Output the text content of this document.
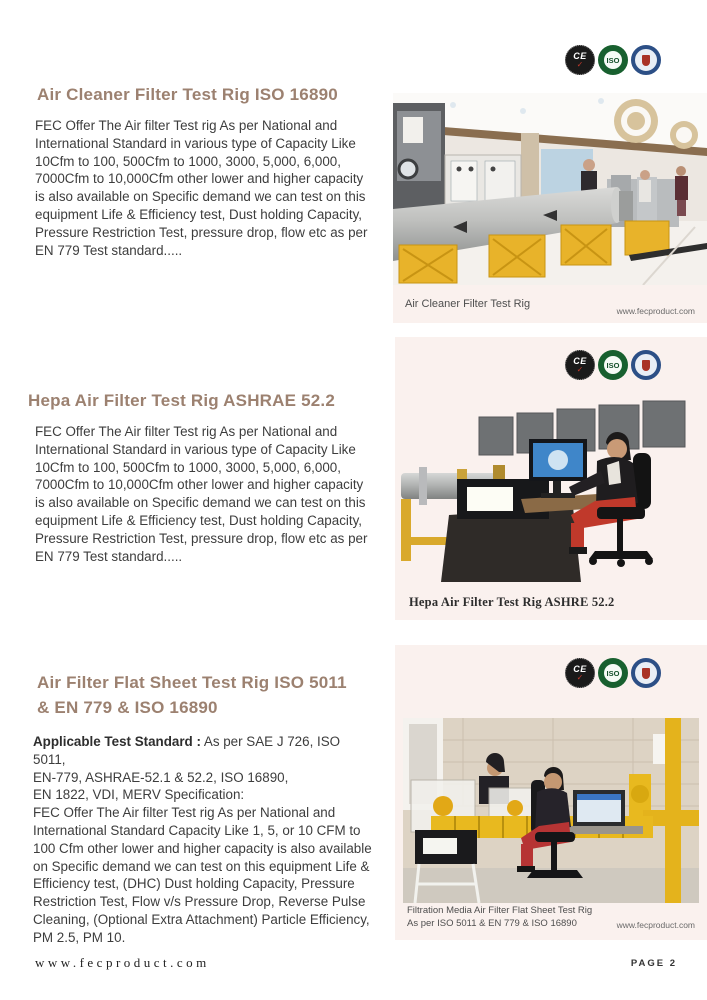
CE
✓	ISO
Air Cleaner Filter Test Rig ISO 16890

FEC Offer The Air filter Test rig As per National and International Standard in various type of Capacity Like 10Cfm to 100, 500Cfm to 1000, 3000, 5,000, 6,000, 7000Cfm to 10,000Cfm other lower and higher capacity is also available on Specific demand we can test on this equipment Life & Efficiency test, Dust holding Capacity, Pressure Restriction Test, pressure drop, flow etc as per EN 779 Test standard.....

Air Cleaner Filter Test Rig
www.fecproduct.com
Hepa Air Filter Test Rig ASHRAE 52.2

FEC Offer The Air filter Test rig As per National and International Standard in various type of Capacity Like 10Cfm to 100, 500Cfm to 1000, 3000, 5,000, 6,000, 7000Cfm to 10,000Cfm other lower and higher capacity is also available on Specific demand we can test on this equipment Life & Efficiency test, Dust holding Capacity, Pressure Restriction Test, pressure drop, flow etc as per EN 779 Test standard.....

CE
✓	ISO
Hepa Air Filter Test Rig ASHRE 52.2
Air Filter Flat Sheet Test Rig ISO 5011
& EN 779 & ISO 16890
Applicable Test Standard : As per SAE J 726, ISO 5011,
EN-779, ASHRAE-52.1 & 52.2, ISO 16890,
EN 1822, VDI, MERV Specification:
FEC Offer The Air filter Test rig As per National and International Standard Capacity Like 1, 5, or 10 CFM to 100 Cfm other lower and higher capacity is also available on Specific demand we can test on this equipment Life & Efficiency test, (DHC) Dust holding Capacity, Pressure Restriction Test, Flow v/s Pressure Drop, Reverse Pulse Cleaning, (Optional Extra Attachment) Particle Efficiency, PM 2.5, PM 10.
CE
✓	ISO
Filtration Media Air Filter Flat Sheet Test Rig
As per ISO 5011 & EN 779 & ISO 16890	www.fecproduct.com
www.fecproduct.com	PAGE 2
